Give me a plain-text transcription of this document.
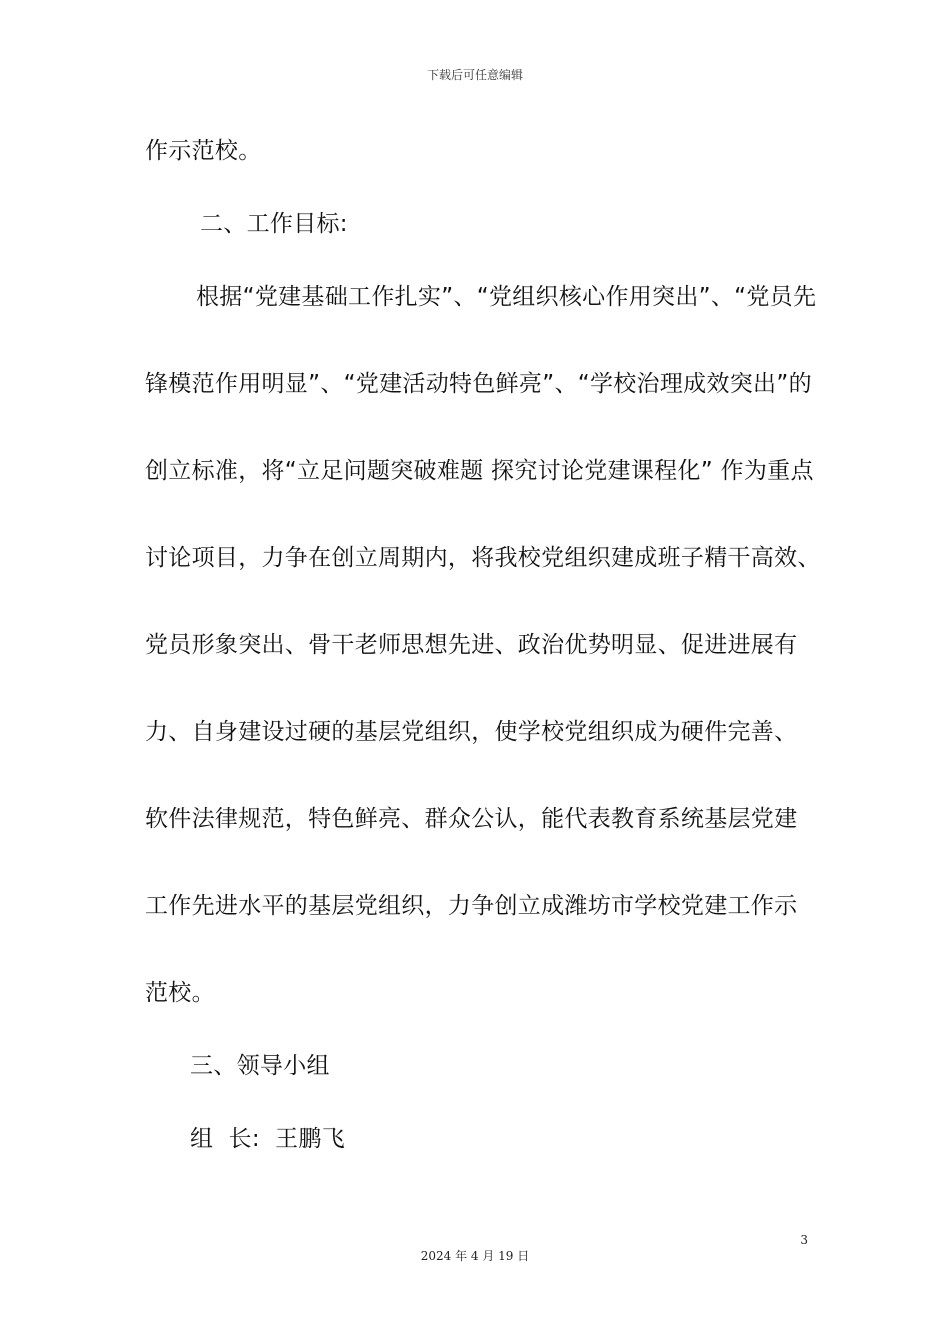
下载后可任意编辑
作示范校。
二、工作目标:
根据“党建基础工作扎实”、“党组织核心作用突出”、“党员先
锋模范作用明显”、“党建活动特色鲜亮”、“学校治理成效突出”的
创立标准，将“立足问题突破难题 探究讨论党建课程化” 作为重点
讨论项目，力争在创立周期内，将我校党组织建成班子精干高效、
党员形象突出、骨干老师思想先进、政治优势明显、促进进展有
力、自身建设过硬的基层党组织，使学校党组织成为硬件完善、
软件法律规范，特色鲜亮、群众公认，能代表教育系统基层党建
工作先进水平的基层党组织，力争创立成潍坊市学校党建工作示
范校。
三、领导小组
组  长:  王鹏飞
3
2024 年 4 月 19 日
